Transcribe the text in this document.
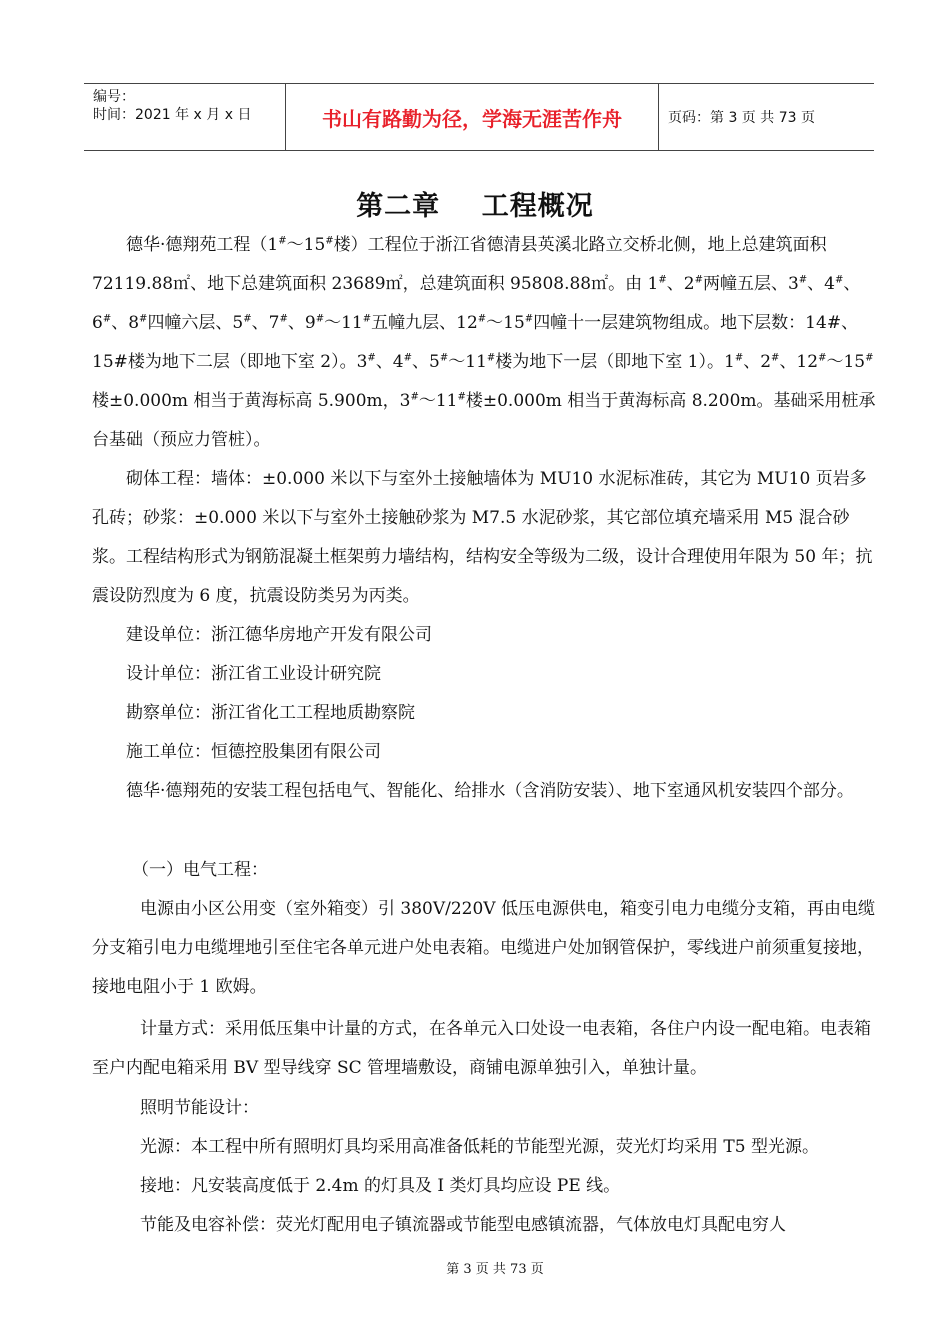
编号：
时间：2021 年 x 月 x 日	书山有路勤为径，学海无涯苦作舟	页码：第 3 页 共 73 页
第二章    工程概况

德华·德翔苑工程（1#～15#楼）工程位于浙江省德清县英溪北路立交桥北侧，地上总建筑面积 72119.88㎡、地下总建筑面积 23689㎡，总建筑面积 95808.88㎡。由 1#、2#两幢五层、3#、4#、6#、8#四幢六层、5#、7#、9#～11#五幢九层、12#～15#四幢十一层建筑物组成。地下层数：14#、15#楼为地下二层（即地下室 2）。3#、4#、5#～11#楼为地下一层（即地下室 1）。1#、2#、12#～15#楼±0.000m 相当于黄海标高 5.900m，3#～11#楼±0.000m 相当于黄海标高 8.200m。基础采用桩承台基础（预应力管桩）。

砌体工程：墙体：±0.000 米以下与室外土接触墙体为 MU10 水泥标准砖，其它为 MU10 页岩多孔砖；砂浆：±0.000 米以下与室外土接触砂浆为 M7.5 水泥砂浆，其它部位填充墙采用 M5 混合砂浆。工程结构形式为钢筋混凝土框架剪力墙结构，结构安全等级为二级，设计合理使用年限为 50 年；抗震设防烈度为 6 度，抗震设防类另为丙类。

建设单位：浙江德华房地产开发有限公司
设计单位：浙江省工业设计研究院
勘察单位：浙江省化工工程地质勘察院
施工单位：恒德控股集团有限公司

德华·德翔苑的安装工程包括电气、智能化、给排水（含消防安装）、地下室通风机安装四个部分。

（一）电气工程：

电源由小区公用变（室外箱变）引 380V/220V 低压电源供电，箱变引电力电缆分支箱，再由电缆分支箱引电力电缆埋地引至住宅各单元进户处电表箱。电缆进户处加钢管保护，零线进户前须重复接地，接地电阻小于 1 欧姆。

计量方式：采用低压集中计量的方式，在各单元入口处设一电表箱，各住户内设一配电箱。电表箱至户内配电箱采用 BV 型导线穿 SC 管埋墙敷设，商铺电源单独引入，单独计量。

照明节能设计：
光源：本工程中所有照明灯具均采用高准备低耗的节能型光源，荧光灯均采用 T5 型光源。
接地：凡安装高度低于 2.4m 的灯具及 I 类灯具均应设 PE 线。
节能及电容补偿：荧光灯配用电子镇流器或节能型电感镇流器，气体放电灯具配电穷人
第 3 页 共 73 页
